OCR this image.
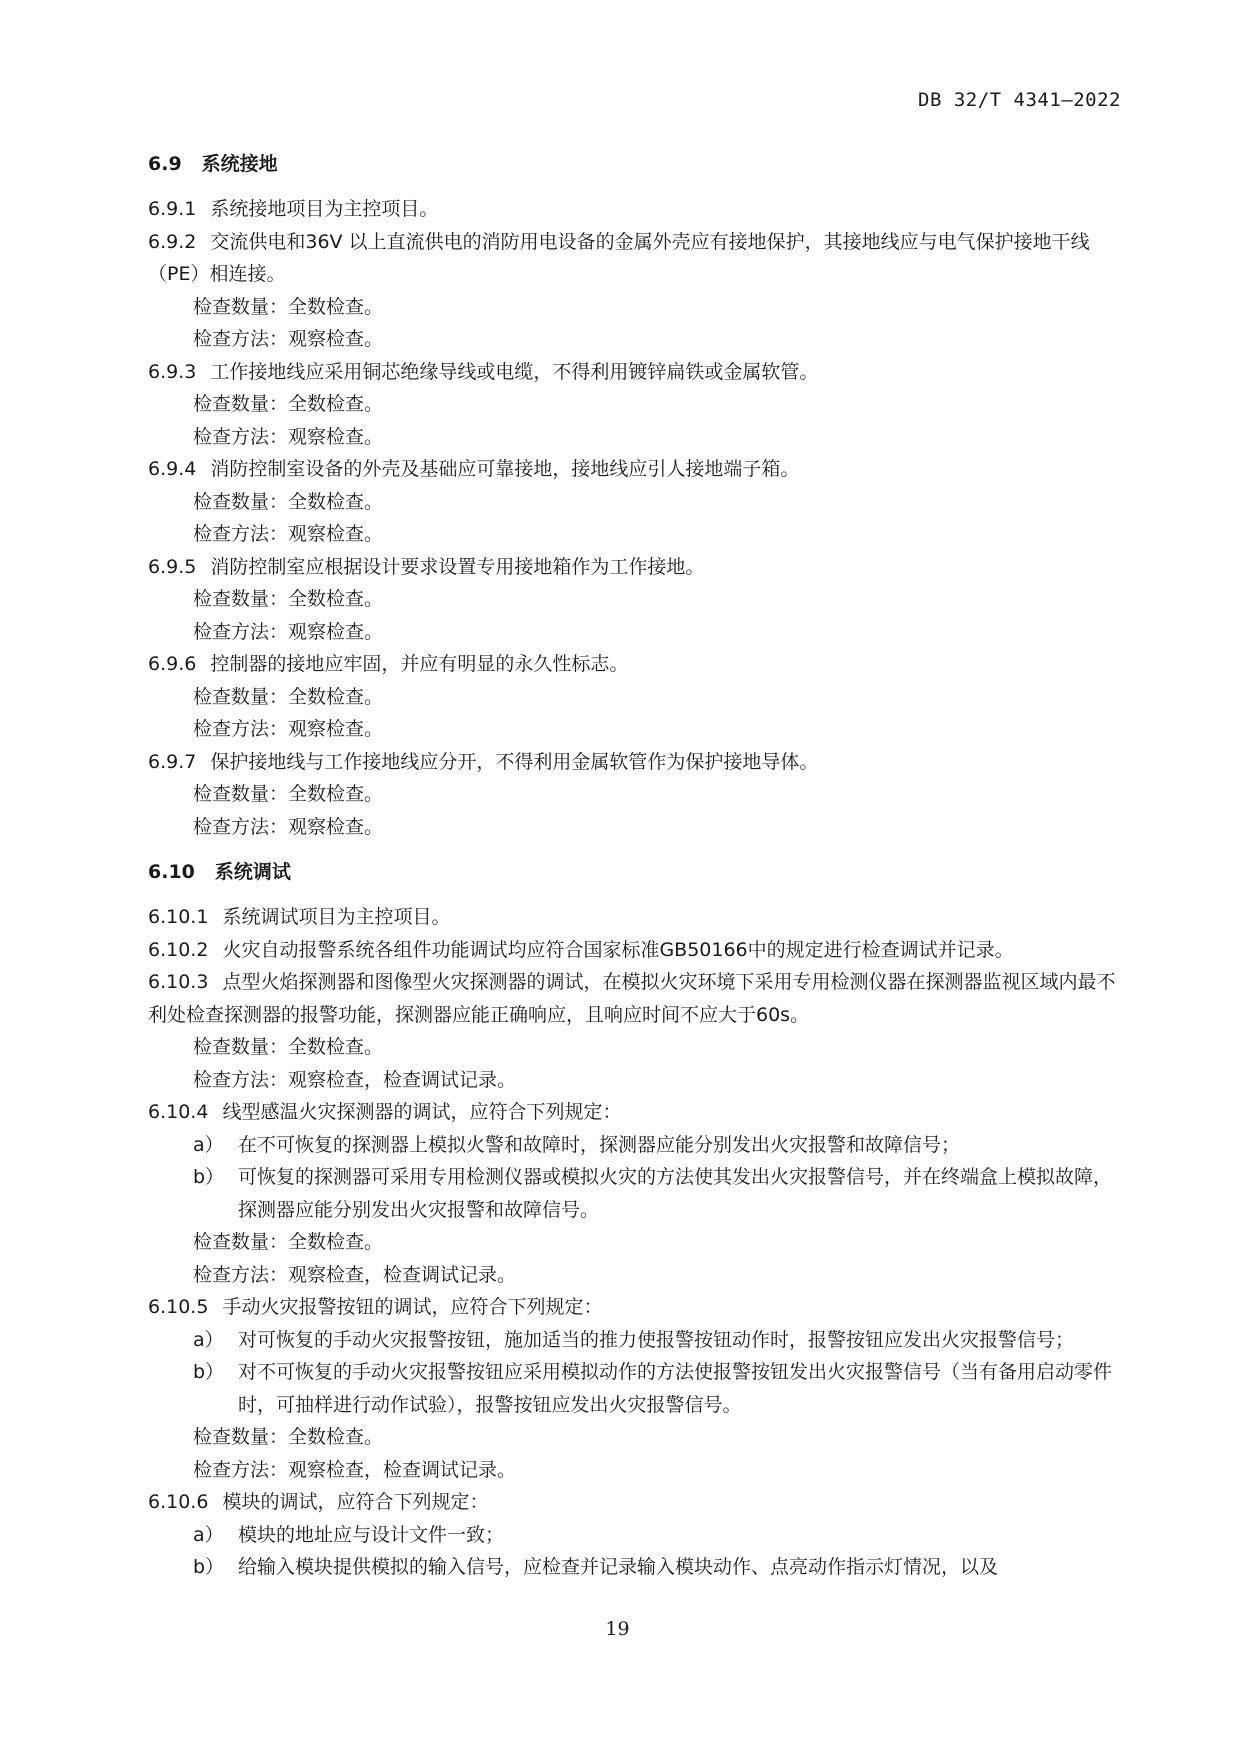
DB 32/T 4341—2022
6.9 系统接地
6.9.1 系统接地项目为主控项目。
6.9.2 交流供电和36V 以上直流供电的消防用电设备的金属外壳应有接地保护，其接地线应与电气保护接地干线（PE）相连接。
检查数量：全数检查。
检查方法：观察检查。
6.9.3 工作接地线应采用铜芯绝缘导线或电缆，不得利用镀锌扁铁或金属软管。
检查数量：全数检查。
检查方法：观察检查。
6.9.4 消防控制室设备的外壳及基础应可靠接地，接地线应引人接地端子箱。
检查数量：全数检查。
检查方法：观察检查。
6.9.5 消防控制室应根据设计要求设置专用接地箱作为工作接地。
检查数量：全数检查。
检查方法：观察检查。
6.9.6 控制器的接地应牢固，并应有明显的永久性标志。
检查数量：全数检查。
检查方法：观察检查。
6.9.7 保护接地线与工作接地线应分开，不得利用金属软管作为保护接地导体。
检查数量：全数检查。
检查方法：观察检查。
6.10 系统调试
6.10.1 系统调试项目为主控项目。
6.10.2 火灾自动报警系统各组件功能调试均应符合国家标准GB50166中的规定进行检查调试并记录。
6.10.3 点型火焰探测器和图像型火灾探测器的调试，在模拟火灾环境下采用专用检测仪器在探测器监视区域内最不利处检查探测器的报警功能，探测器应能正确响应，且响应时间不应大于60s。
检查数量：全数检查。
检查方法：观察检查，检查调试记录。
6.10.4 线型感温火灾探测器的调试，应符合下列规定：
a） 在不可恢复的探测器上模拟火警和故障时，探测器应能分别发出火灾报警和故障信号；
b） 可恢复的探测器可采用专用检测仪器或模拟火灾的方法使其发出火灾报警信号，并在终端盒上模拟故障，探测器应能分别发出火灾报警和故障信号。
检查数量：全数检查。
检查方法：观察检查，检查调试记录。
6.10.5 手动火灾报警按钮的调试，应符合下列规定：
a） 对可恢复的手动火灾报警按钮，施加适当的推力使报警按钮动作时，报警按钮应发出火灾报警信号；
b） 对不可恢复的手动火灾报警按钮应采用模拟动作的方法使报警按钮发出火灾报警信号（当有备用启动零件时，可抽样进行动作试验），报警按钮应发出火灾报警信号。
检查数量：全数检查。
检查方法：观察检查，检查调试记录。
6.10.6 模块的调试，应符合下列规定：
a） 模块的地址应与设计文件一致；
b） 给输入模块提供模拟的输入信号，应检查并记录输入模块动作、点亮动作指示灯情况，以及
19
